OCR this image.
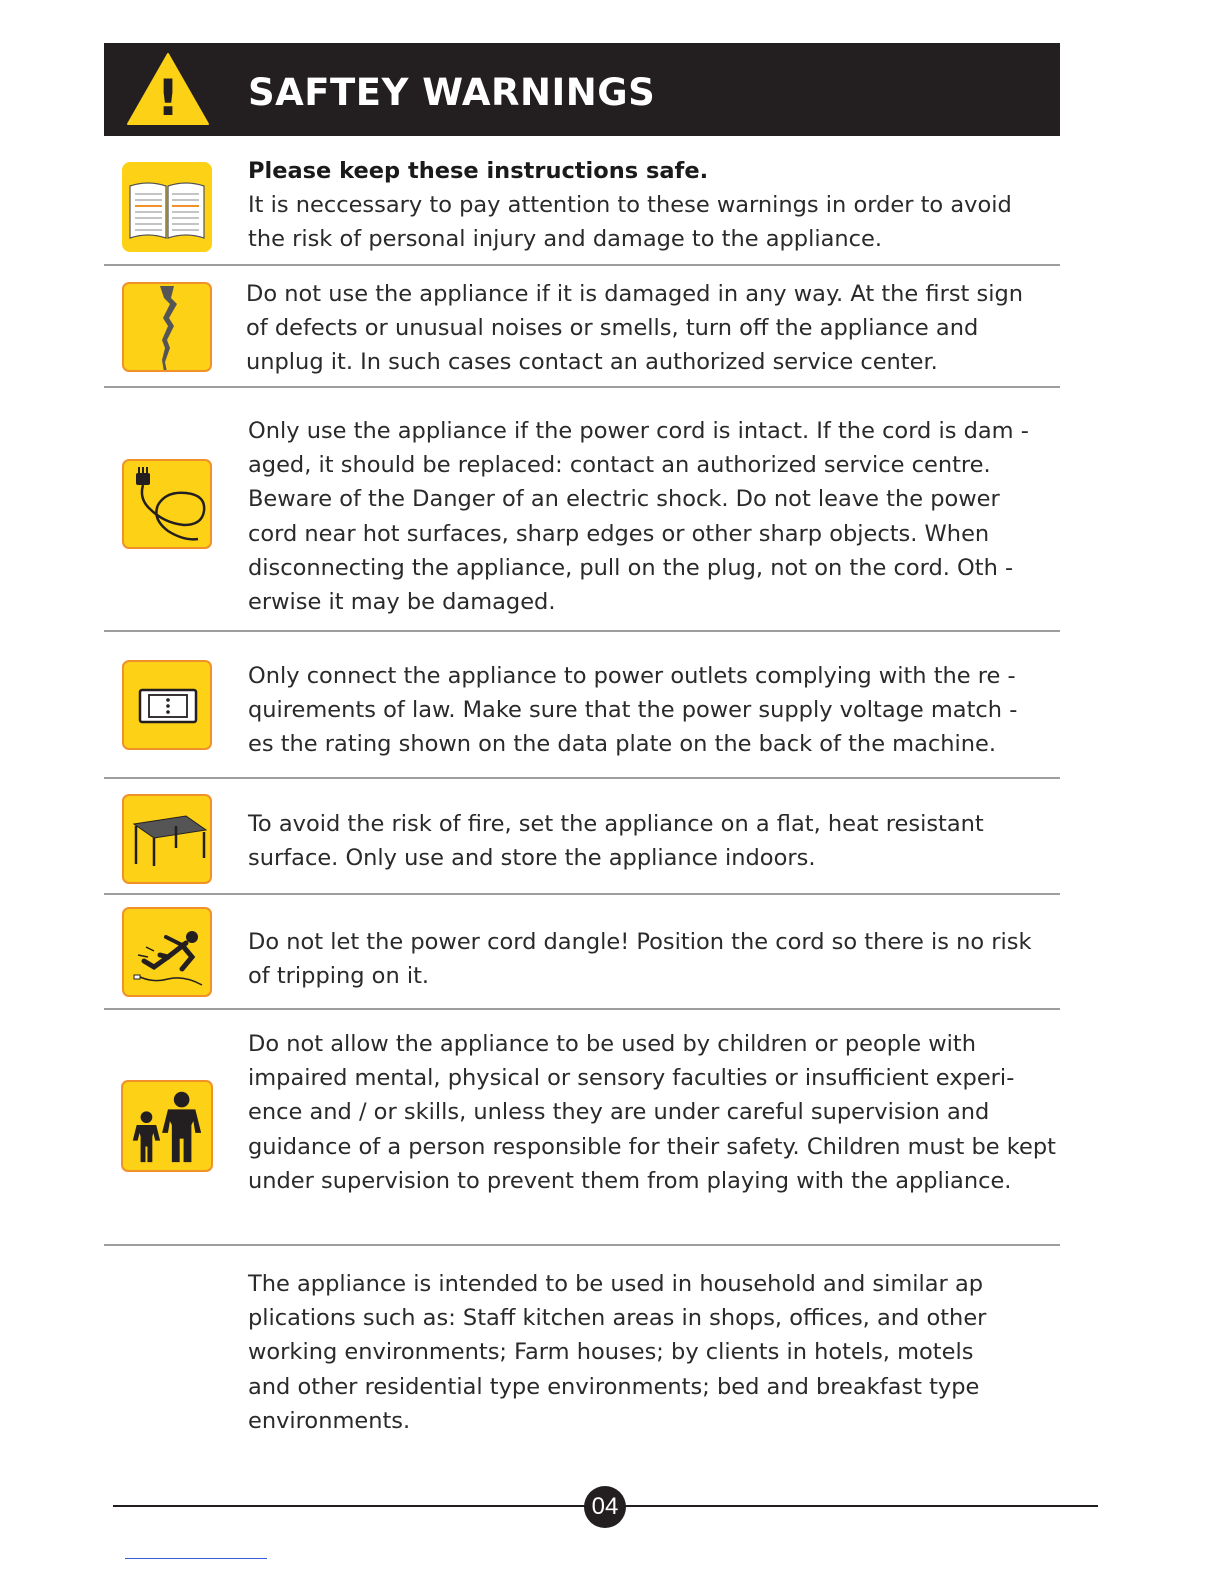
! SAFTEY WARNINGS

Please keep these instructions safe.

It is neccessary to pay attention to these warnings in order to avoid

the risk of personal injury and damage to the appliance.

Do not use the appliance if it is damaged in any way. At the first sign

of defects or unusual noises or smells, turn off the appliance and

unplug it. In such cases contact an authorized service center.

Only use the appliance if the power cord is intact. If the cord is dam -

aged, it should be replaced: contact an authorized service centre.

Beware of the Danger of an electric shock. Do not leave the power

cord near hot surfaces, sharp edges or other sharp objects. When

disconnecting the appliance, pull on the plug, not on the cord. Oth -

erwise it may be damaged.

Only connect the appliance to power outlets complying with the re -

quirements of law. Make sure that the power supply voltage match -

es the rating shown on the data plate on the back of the machine.

To avoid the risk of fire, set the appliance on a flat, heat resistant

surface. Only use and store the appliance indoors.

Do not let the power cord dangle! Position the cord so there is no risk

of tripping on it.

Do not allow the appliance to be used by children or people with

impaired mental, physical or sensory faculties or insufficient experi-

ence and / or skills, unless they are under careful supervision and

guidance of a person responsible for their safety. Children must be kept

under supervision to prevent them from playing with the appliance.

The appliance is intended to be used in household and similar ap

plications such as: Staff kitchen areas in shops, offices, and other

working environments; Farm houses; by clients in hotels, motels

and other residential type environments; bed and breakfast type

environments.

04
